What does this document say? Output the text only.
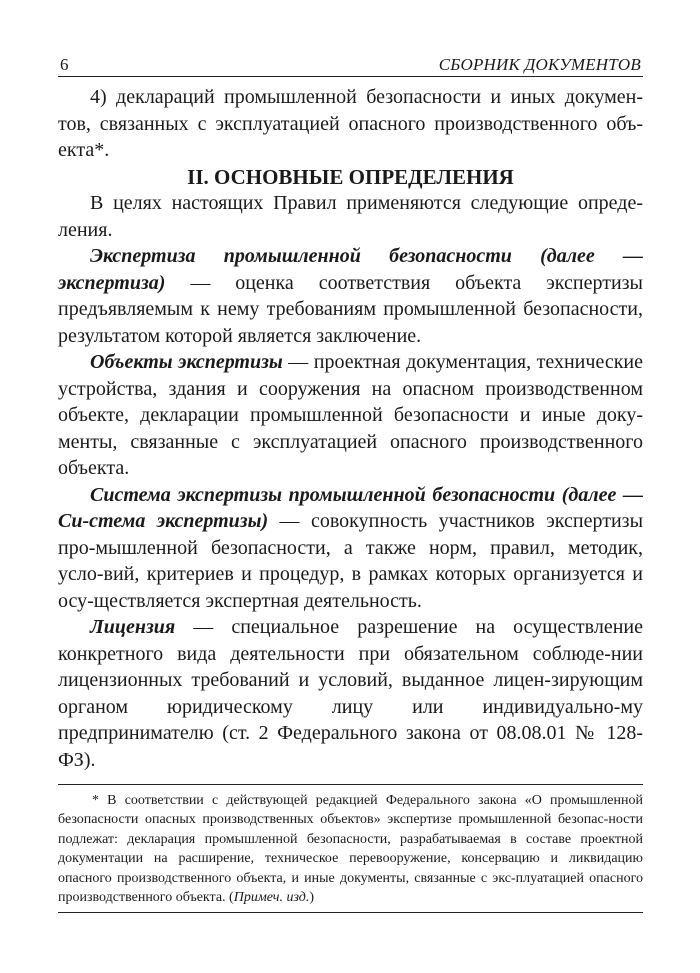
6	СБОРНИК ДОКУМЕНТОВ

4) деклараций промышленной безопасности и иных докумен-тов, связанных с эксплуатацией опасного производственного объ-екта*.

II. ОСНОВНЫЕ ОПРЕДЕЛЕНИЯ

В целях настоящих Правил применяются следующие опреде-ления.

Экспертиза промышленной безопасности (далее — экспертиза) — оценка соответствия объекта экспертизы предъявляемым к нему требованиям промышленной безопасности, результатом которой является заключение.

Объекты экспертизы — проектная документация, технические устройства, здания и сооружения на опасном производственном объекте, декларации промышленной безопасности и иные доку-менты, связанные с эксплуатацией опасного производственного объекта.

Система экспертизы промышленной безопасности (далее — Си-стема экспертизы) — совокупность участников экспертизы про-мышленной безопасности, а также норм, правил, методик, усло-вий, критериев и процедур, в рамках которых организуется и осу-ществляется экспертная деятельность.

Лицензия — специальное разрешение на осуществление конкретного вида деятельности при обязательном соблюде-нии лицензионных требований и условий, выданное лицен-зирующим органом юридическому лицу или индивидуально-му предпринимателю (ст. 2 Федерального закона от 08.08.01 № 128-ФЗ).

* В соответствии с действующей редакцией Федерального закона «О промышленной безопасности опасных производственных объектов» экспертизе промышленной безопас-ности подлежат: декларация промышленной безопасности, разрабатываемая в составе проектной документации на расширение, техническое перевооружение, консервацию и ликвидацию опасного производственного объекта, и иные документы, связанные с экс-плуатацией опасного производственного объекта. (Примеч. изд.)
